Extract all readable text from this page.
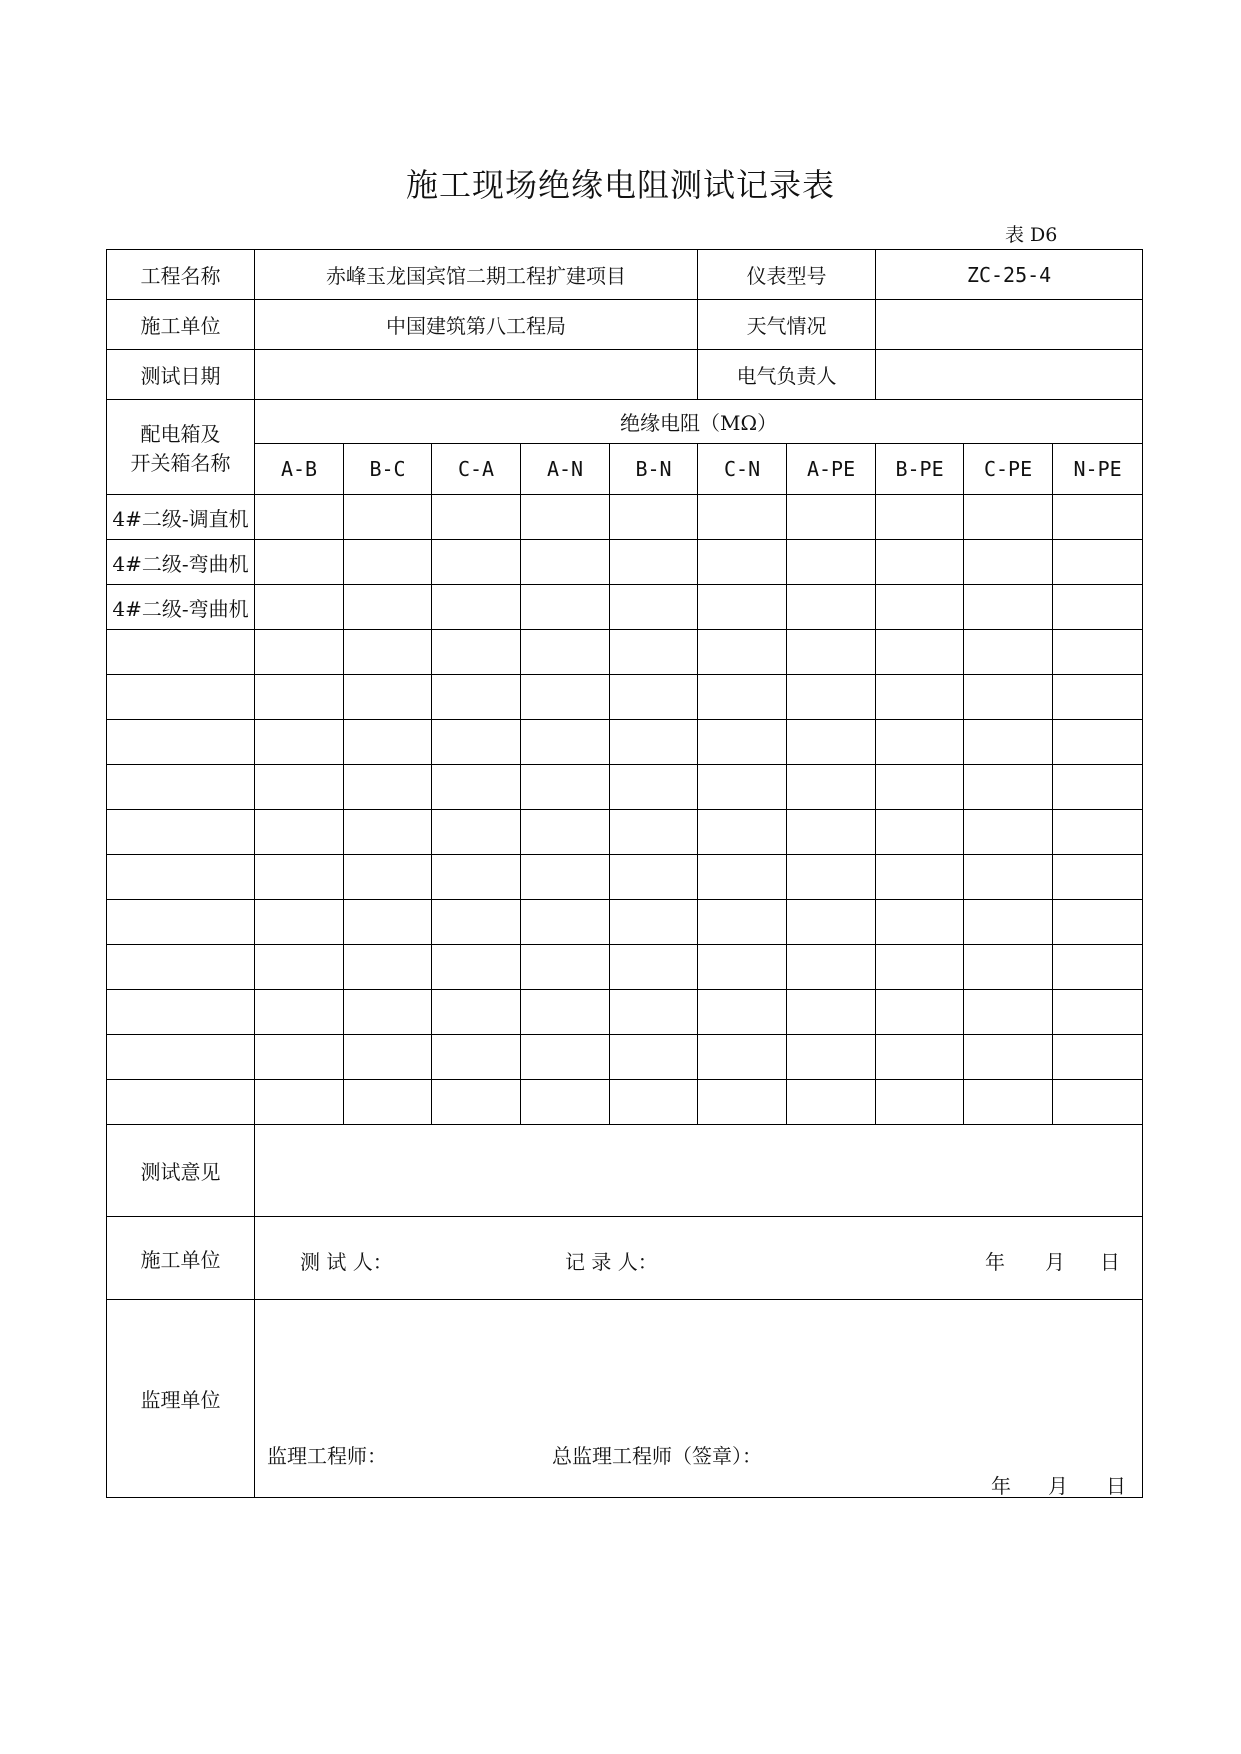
施工现场绝缘电阻测试记录表
表 D6
工程名称	赤峰玉龙国宾馆二期工程扩建项目					仪表型号		ZC-25-4		
施工单位	中国建筑第八工程局					天气情况				
测试日期						电气负责人				

配电箱及
开关箱名称	绝缘电阻（MΩ）									
	A-B	B-C	C-A	A-N	B-N	C-N	A-PE	B-PE	C-PE	N-PE
4#二级-调直机										
4#二级-弯曲机										
4#二级-弯曲机										

测试意见										
施工单位	测 试 人： 记 录 人： 年 月 日									

监理单位	监理工程师： 总监理工程师（签章）：
年 月 日									
